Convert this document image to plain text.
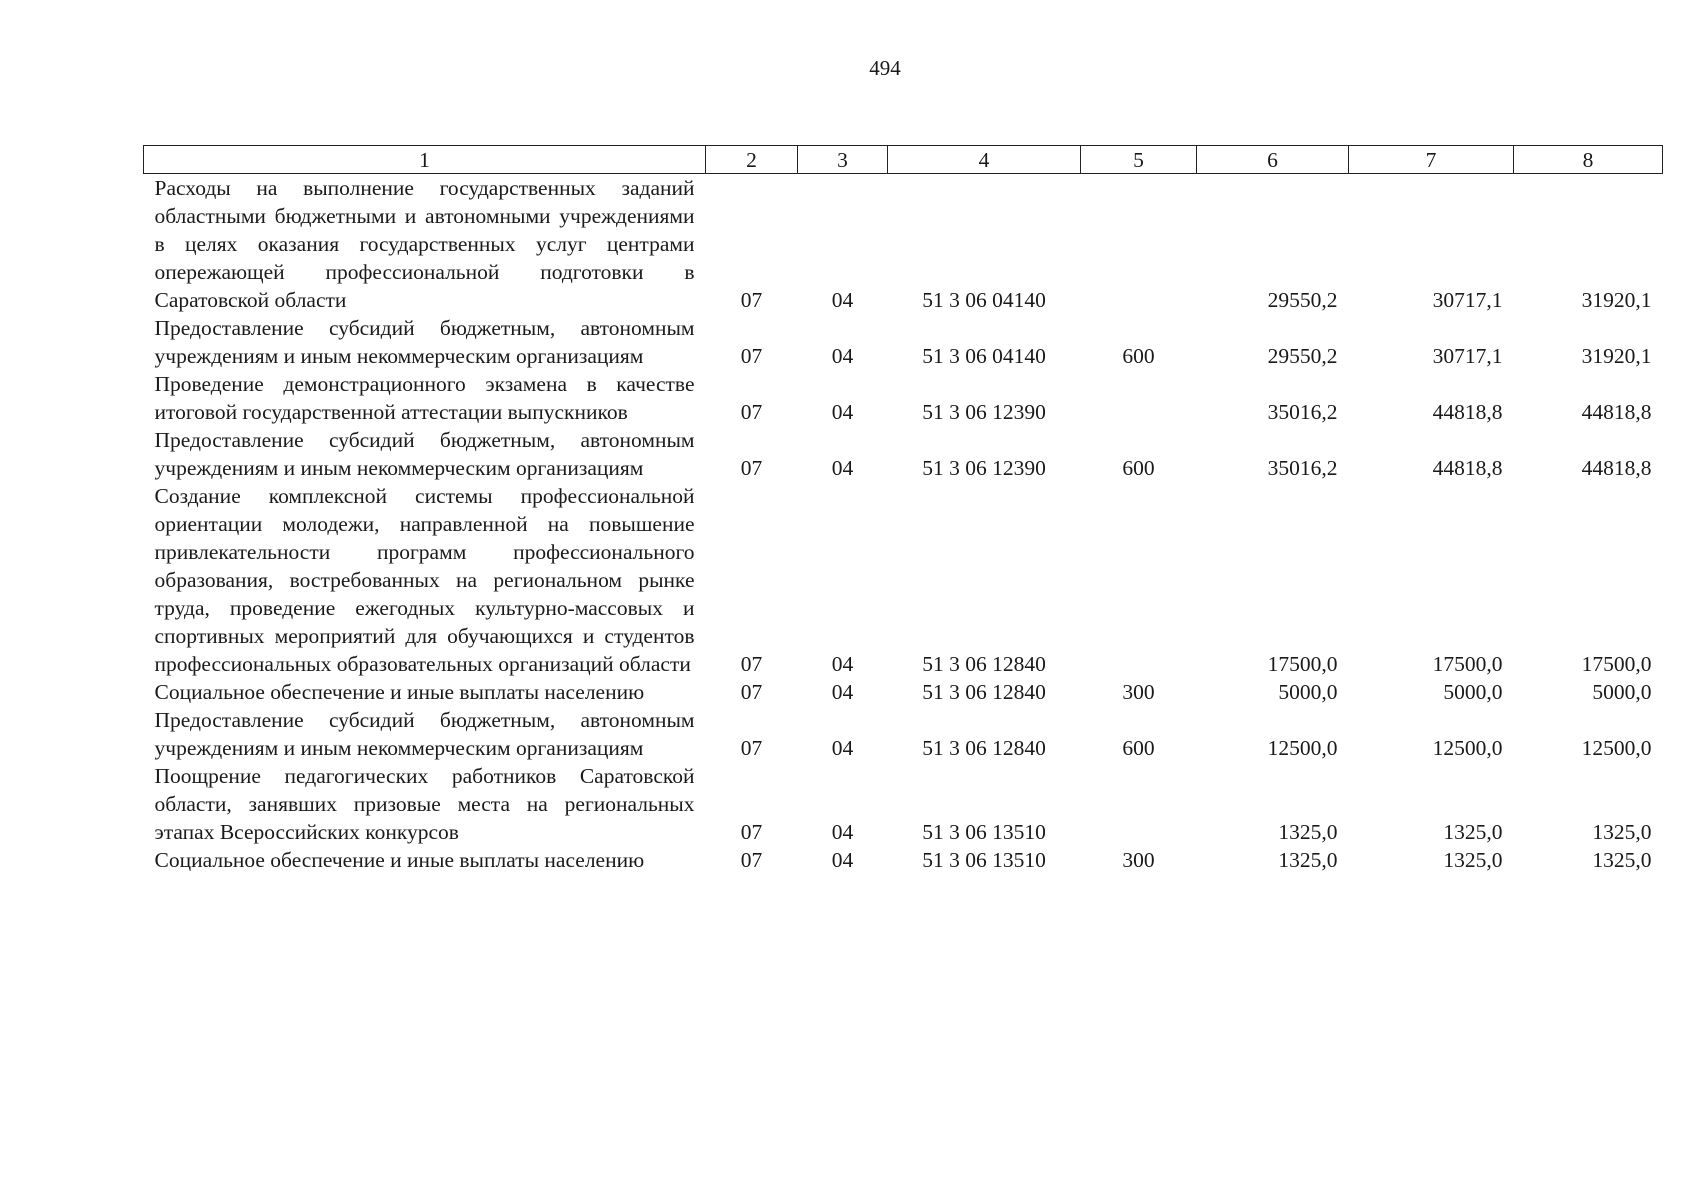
494
1	2	3	4	5	6	7	8
Расходы на выполнение государственных заданий областными бюджетными и автономными учреждениями в целях оказания государственных услуг центрами опережающей профессиональной подготовки в Саратовской области	07	04	51 3 06 04140		29550,2	30717,1	31920,1
Предоставление субсидий бюджетным, автономным учреждениям и иным некоммерческим организациям	07	04	51 3 06 04140	600	29550,2	30717,1	31920,1
Проведение демонстрационного экзамена в качестве итоговой государственной аттестации выпускников	07	04	51 3 06 12390		35016,2	44818,8	44818,8
Предоставление субсидий бюджетным, автономным учреждениям и иным некоммерческим организациям	07	04	51 3 06 12390	600	35016,2	44818,8	44818,8
Создание комплексной системы профессиональной ориентации молодежи, направленной на повышение привлекательности программ профессионального образования, востребованных на региональном рынке труда, проведение ежегодных культурно-массовых и спортивных мероприятий для обучающихся и студентов профессиональных образовательных организаций области	07	04	51 3 06 12840		17500,0	17500,0	17500,0
Социальное обеспечение и иные выплаты населению	07	04	51 3 06 12840	300	5000,0	5000,0	5000,0
Предоставление субсидий бюджетным, автономным учреждениям и иным некоммерческим организациям	07	04	51 3 06 12840	600	12500,0	12500,0	12500,0
Поощрение педагогических работников Саратовской области, занявших призовые места на региональных этапах Всероссийских конкурсов	07	04	51 3 06 13510		1325,0	1325,0	1325,0
Социальное обеспечение и иные выплаты населению	07	04	51 3 06 13510	300	1325,0	1325,0	1325,0
